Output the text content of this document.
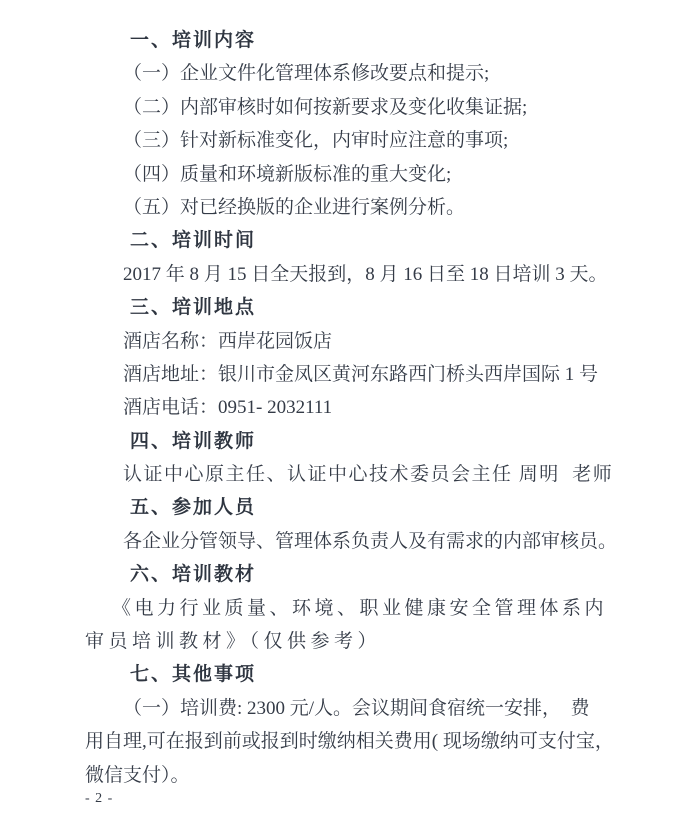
一、培训内容
（一）企业文件化管理体系修改要点和提示;
（二）内部审核时如何按新要求及变化收集证据;
（三）针对新标准变化，内审时应注意的事项;
（四）质量和环境新版标准的重大变化;
（五）对已经换版的企业进行案例分析。
二、培训时间
2017 年 8 月 15 日全天报到，8 月 16 日至 18 日培训 3 天。
三、培训地点
酒店名称：西岸花园饭店
酒店地址：银川市金凤区黄河东路西门桥头西岸国际 1 号
酒店电话：0951- 2032111
四、培训教师
认证中心原主任、认证中心技术委员会主任 周明  老师
五、参加人员
各企业分管领导、管理体系负责人及有需求的内部审核员。
六、培训教材
《电力行业质量、环境、职业健康安全管理体系内
审员培训教材》（仅供参考）
七、其他事项
（一）培训费: 2300 元/人。会议期间食宿统一安排，  费
用自理,可在报到前或报到时缴纳相关费用( 现场缴纳可支付宝，
微信支付）。
- 2 -
